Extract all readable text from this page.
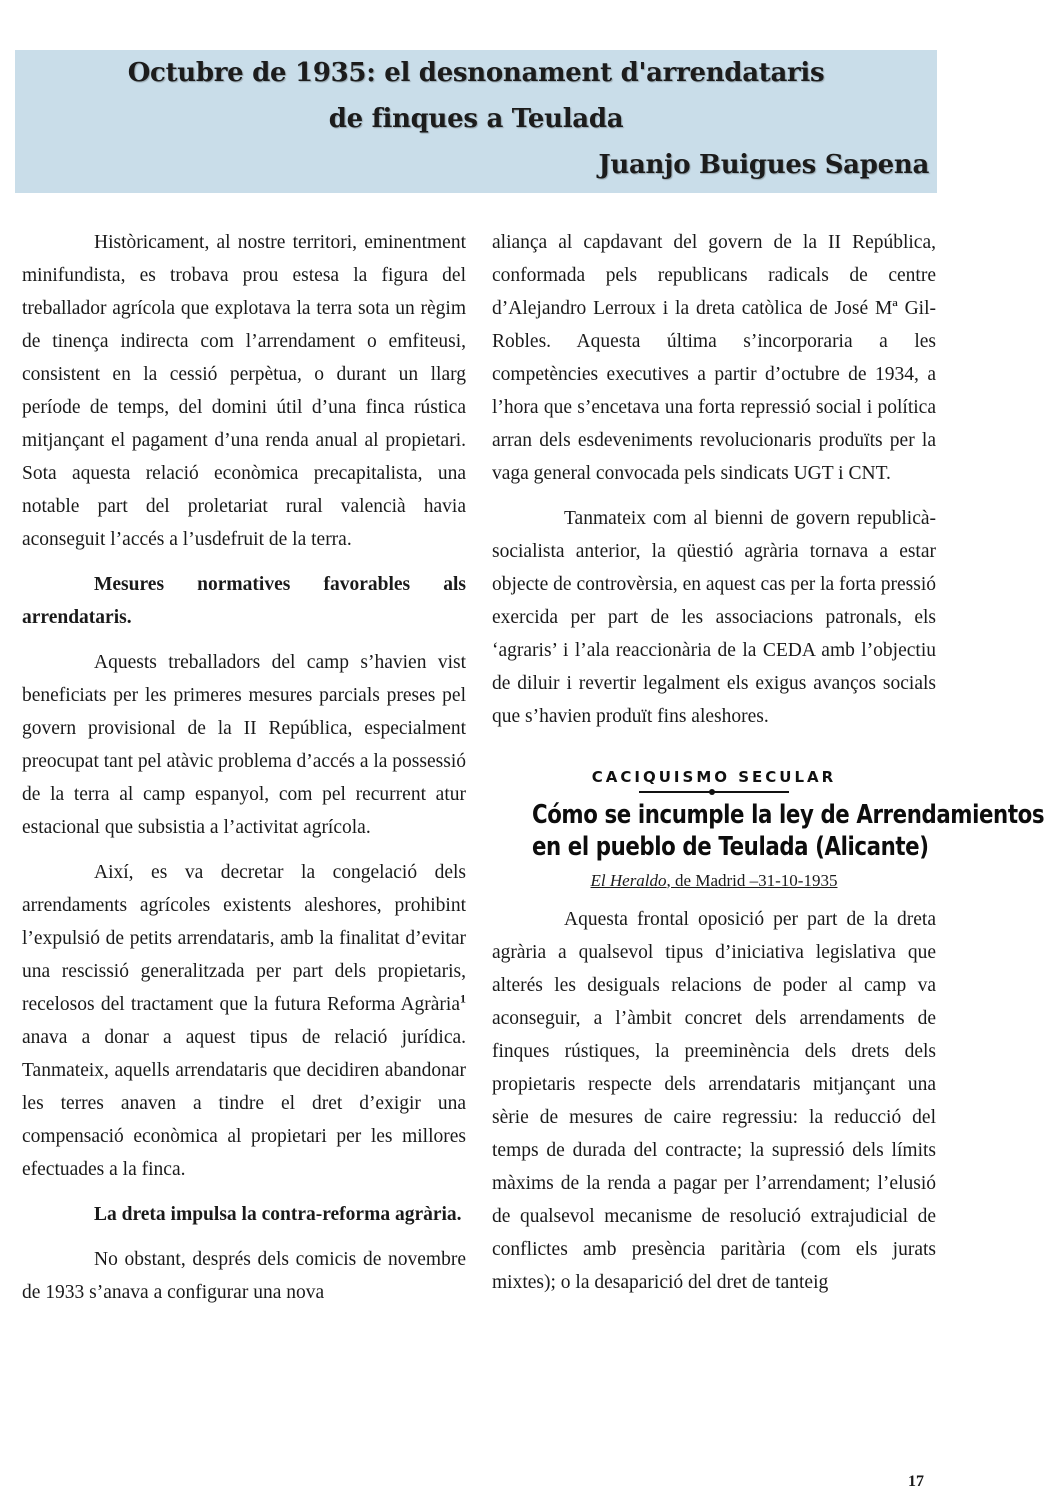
Octubre de 1935: el desnonament d'arrendataris
de finques a Teulada
Juanjo Buigues Sapena

Històricament, al nostre territori, eminentment minifundista, es trobava prou estesa la figura del treballador agrícola que explotava la terra sota un règim de tinença indirecta com l’arrendament o emfiteusi, consistent en la cessió perpètua, o durant un llarg període de temps, del domini útil d’una finca rústica mitjançant el pagament d’una renda anual al propietari. Sota aquesta relació econòmica precapitalista, una notable part del proletariat rural valencià havia aconseguit l’accés a l’usdefruit de la terra.

Mesures normatives favorables als arrendataris.

Aquests treballadors del camp s’havien vist beneficiats per les primeres mesures parcials preses pel govern provisional de la II República, especialment preocupat tant pel atàvic problema d’accés a la possessió de la terra al camp espanyol, com pel recurrent atur estacional que subsistia a l’activitat agrícola.

Així, es va decretar la congelació dels arrendaments agrícoles existents aleshores, prohibint l’expulsió de petits arrendataris, amb la finalitat d’evitar una rescissió generalitzada per part dels propietaris, recelosos del tractament que la futura Reforma Agrària$^1$ anava a donar a aquest tipus de relació jurídica. Tanmateix, aquells arrendataris que decidiren abandonar les terres anaven a tindre el dret d’exigir una compensació econòmica al propietari per les millores efectuades a la finca.

La dreta impulsa la contra-reforma agrària.

No obstant, després dels comicis de novembre de 1933 s’anava a configurar una nova

aliança al capdavant del govern de la II República, conformada pels republicans radicals de centre d’Alejandro Lerroux i la dreta catòlica de José Mª Gil-Robles. Aquesta última s’incorporaria a les competències executives a partir d’octubre de 1934, a l’hora que s’encetava una forta repressió social i política arran dels esdeveniments revolucionaris produïts per la vaga general convocada pels sindicats UGT i CNT.

Tanmateix com al bienni de govern republicà-socialista anterior, la qüestió agrària tornava a estar objecte de controvèrsia, en aquest cas per la forta pressió exercida per part de les associacions patronals, els ‘agraris’ i l’ala reaccionària de la CEDA amb l’objectiu de diluir i revertir legalment els exigus avanços socials que s’havien produït fins aleshores.

CACIQUISMO SECULAR
Cómo se incumple la ley de Arrendamientos
en el pueblo de Teulada (Alicante)
El Heraldo, de Madrid –31-10-1935

Aquesta frontal oposició per part de la dreta agrària a qualsevol tipus d’iniciativa legislativa que alterés les desiguals relacions de poder al camp va aconseguir, a l’àmbit concret dels arrendaments de finques rústiques, la preeminència dels drets dels propietaris respecte dels arrendataris mitjançant una sèrie de mesures de caire regressiu: la reducció del temps de durada del contracte; la supressió dels límits màxims de la renda a pagar per l’arrendament; l’elusió de qualsevol mecanisme de resolució extrajudicial de conflictes amb presència paritària (com els jurats mixtes); o la desaparició del dret de tanteig

17
